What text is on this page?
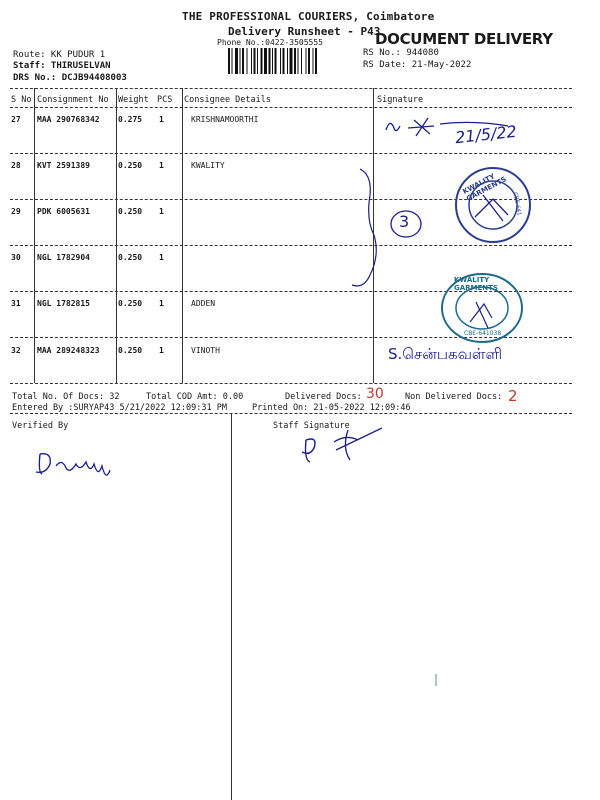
THE PROFESSIONAL COURIERS, Coimbatore
Delivery Runsheet - P43
Phone No.:0422-3505555	DOCUMENT DELIVERY
Route: KK PUDUR 1
Staff: THIRUSELVAN
DRS No.: DCJB94408003
RS No.: 944080
RS Date: 21-May-2022
S No Consignment No Weight PCS Consignee Details	Signature
27 MAA 290768342 0.275 1	KRISHNAMOORTHI
28 KVT 2591389	0.250 1	KWALITY
29 PDK 6005631	0.250 1
30 NGL 1782904	0.250 1
31 NGL 1782815	0.250 1	ADDEN
32 MAA 289248323 0.250 1	VINOTH
21/5/22
3
KWALITY GARMENTS
CBE-641
KWALITY GARMENTS
CBE-641038
S.சென்பகவள்ளி
Total No. Of Docs: 32	Total COD Amt: 0.00	Delivered Docs: 30 Non Delivered Docs: 2
Entered By :SURYAP43 5/21/2022 12:09:31 PM	Printed On: 21-05-2022 12:09:46
Verified By	Staff Signature
